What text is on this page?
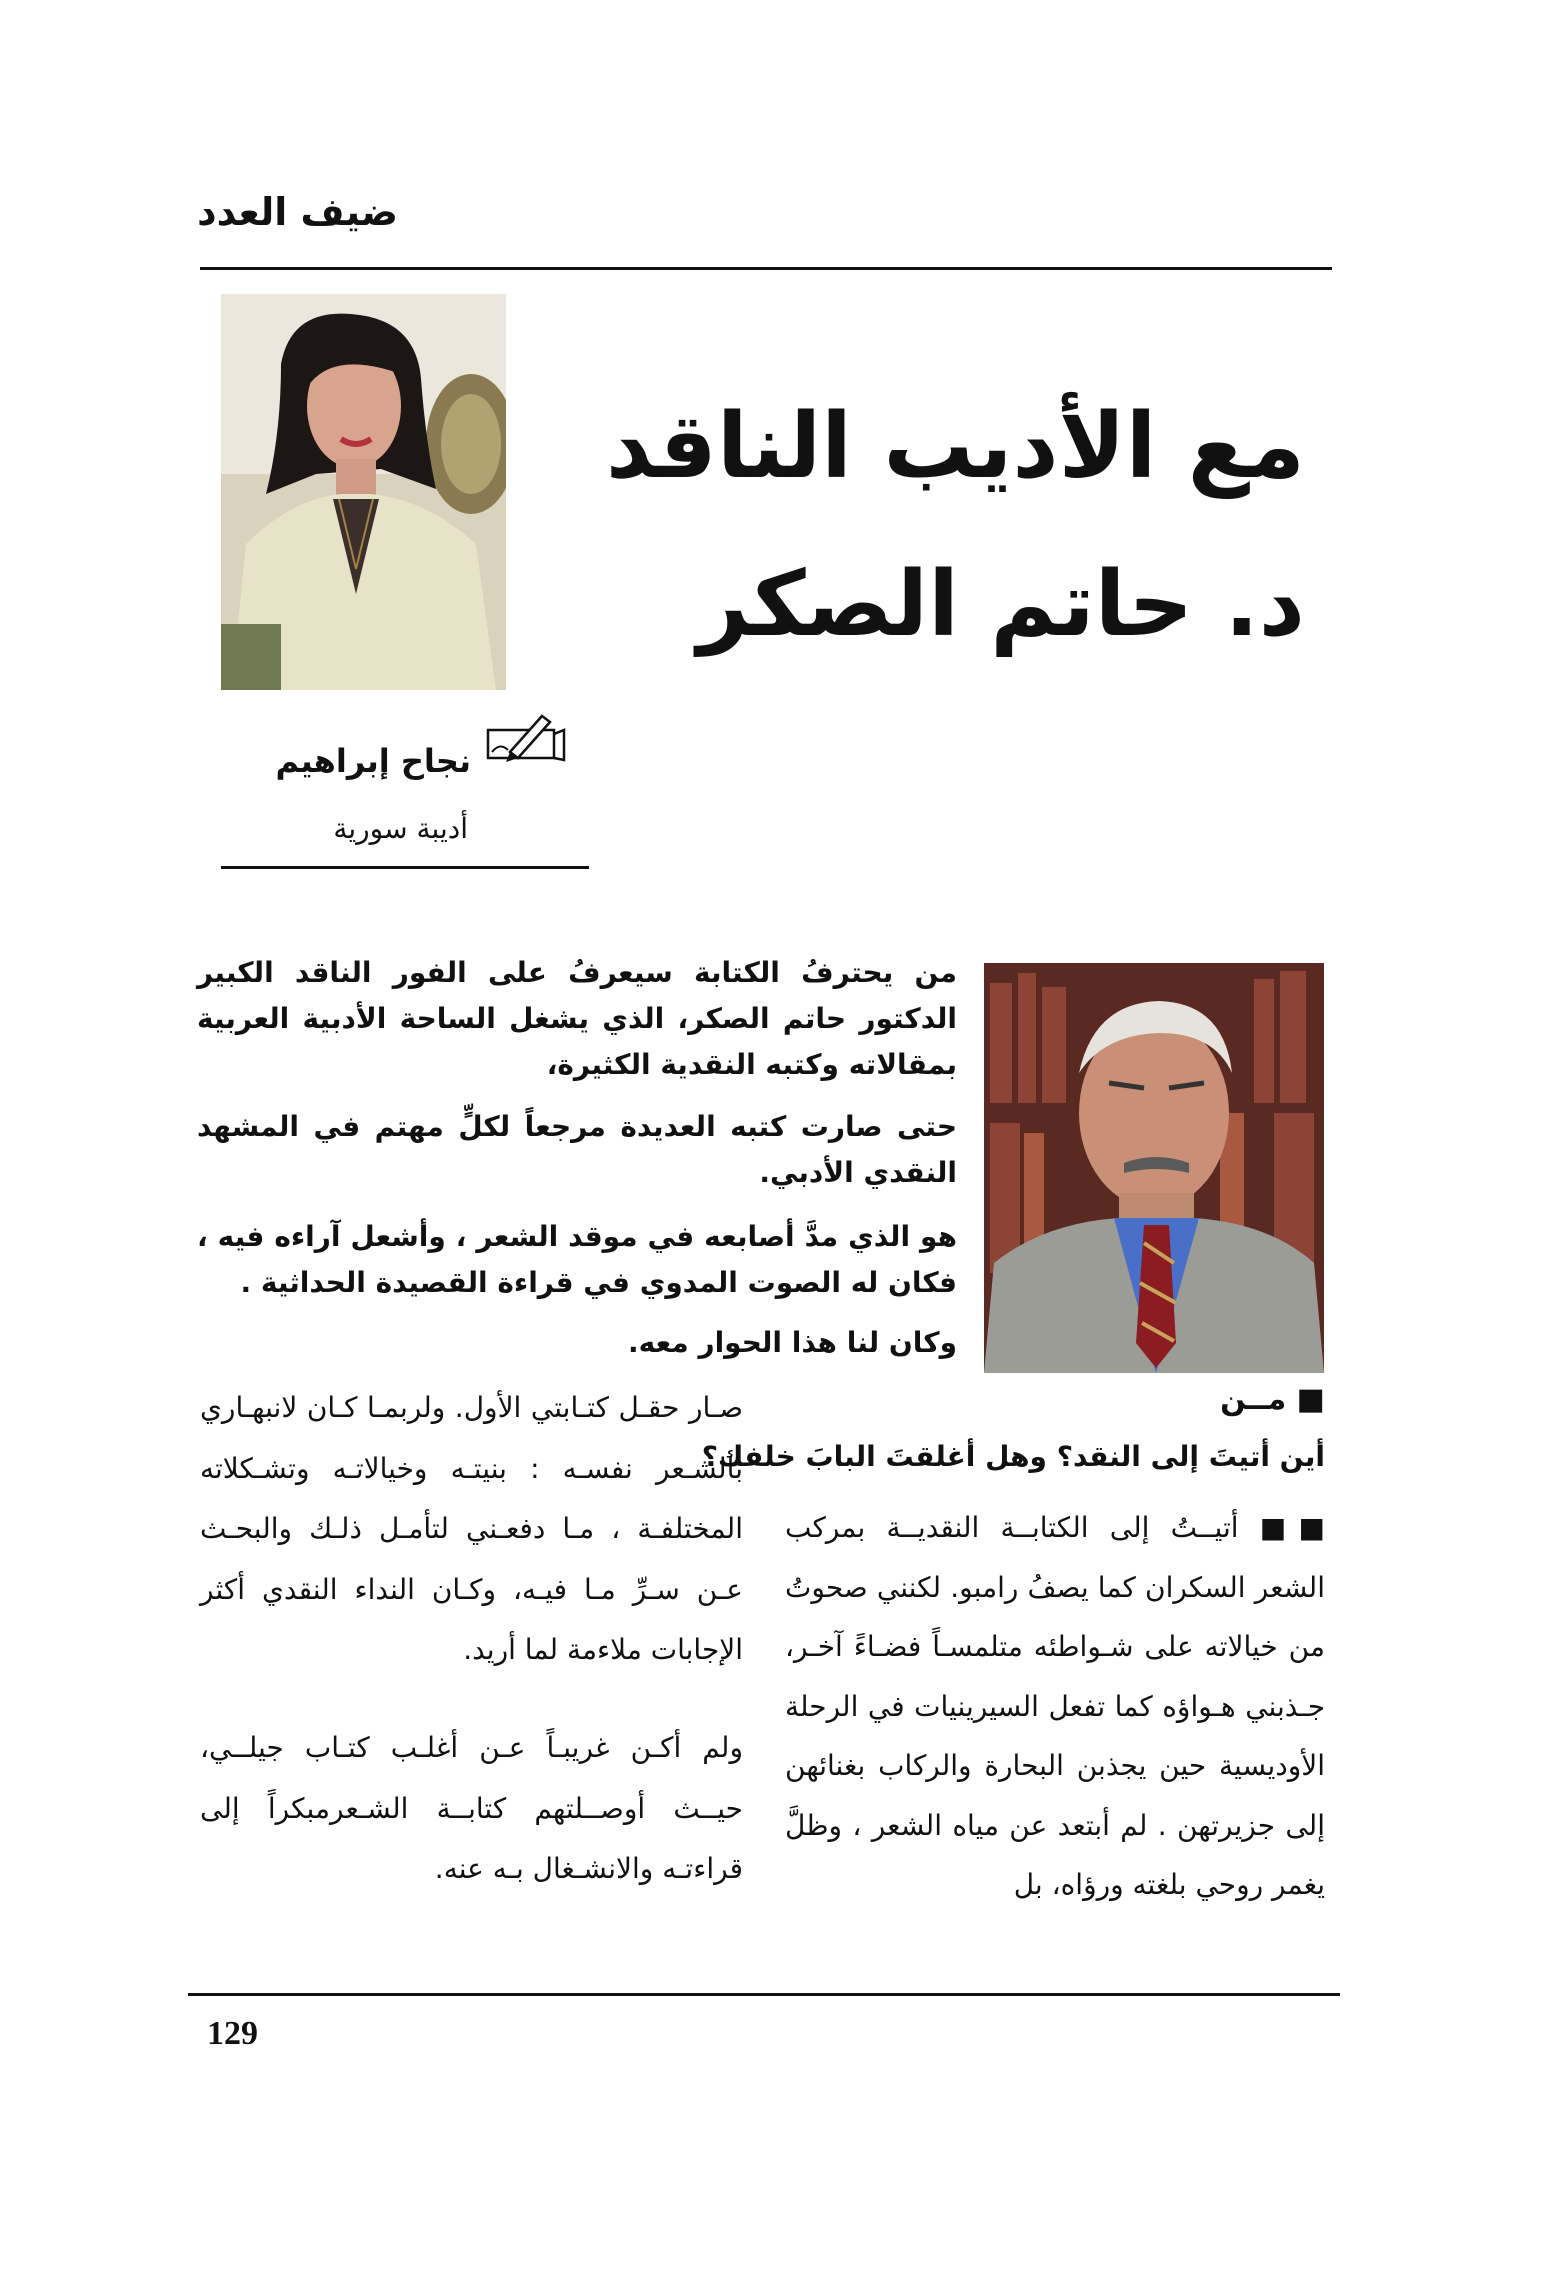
ضيف العدد
مع الأديب الناقد
د. حاتم الصكر
نجاح إبراهيم
أديبة سورية
من يحترفُ الكتابة سيعرفُ على الفور الناقد الكبير الدكتور حاتم الصكر، الذي يشغل الساحة الأدبية العربية بمقالاته وكتبه النقدية الكثيرة،
حتى صارت كتبه العديدة مرجعاً لكلٍّ مهتم في المشهد النقدي الأدبي.
هو الذي مدَّ أصابعه في موقد الشعر ، وأشعل آراءه فيه ، فكان له الصوت المدوي في قراءة القصيدة الحداثية .
وكان لنا هذا الحوار معه.
■ مــن
أين أتيتَ إلى النقد؟ وهل أغلقتَ البابَ خلفك؟
■■ أتيــتُ إلى الكتابــة النقديــة بمركب الشعر السكران كما يصفُ رامبو. لكنني صحوتُ من خيالاته على شـواطئه متلمسـاً فضـاءً آخـر، جـذبني هـواؤه كما تفعل السيرينيات في الرحلة الأوديسية حين يجذبن البحارة والركاب بغنائهن إلى جزيرتهن . لم أبتعد عن مياه الشعر ، وظلَّ يغمر روحي بلغته ورؤاه، بل
صـار حقـل كتـابتي الأول. ولربمـا كـان لانبهـاري بالشـعر نفسـه : بنيتـه وخيالاتـه وتشـكلاته المختلفـة ، مـا دفعـني لتأمـل ذلـك والبحـث عـن سـرِّ مـا فيـه، وكـان النداء النقدي أكثر الإجابات ملاءمة لما أريد.
ولم أكـن غريبـاً عـن أغلـب كتـاب جيلــي، حيــث أوصــلتهم كتابــة الشـعرمبكراً إلى قراءتـه والانشـغال بـه عنه.
129
